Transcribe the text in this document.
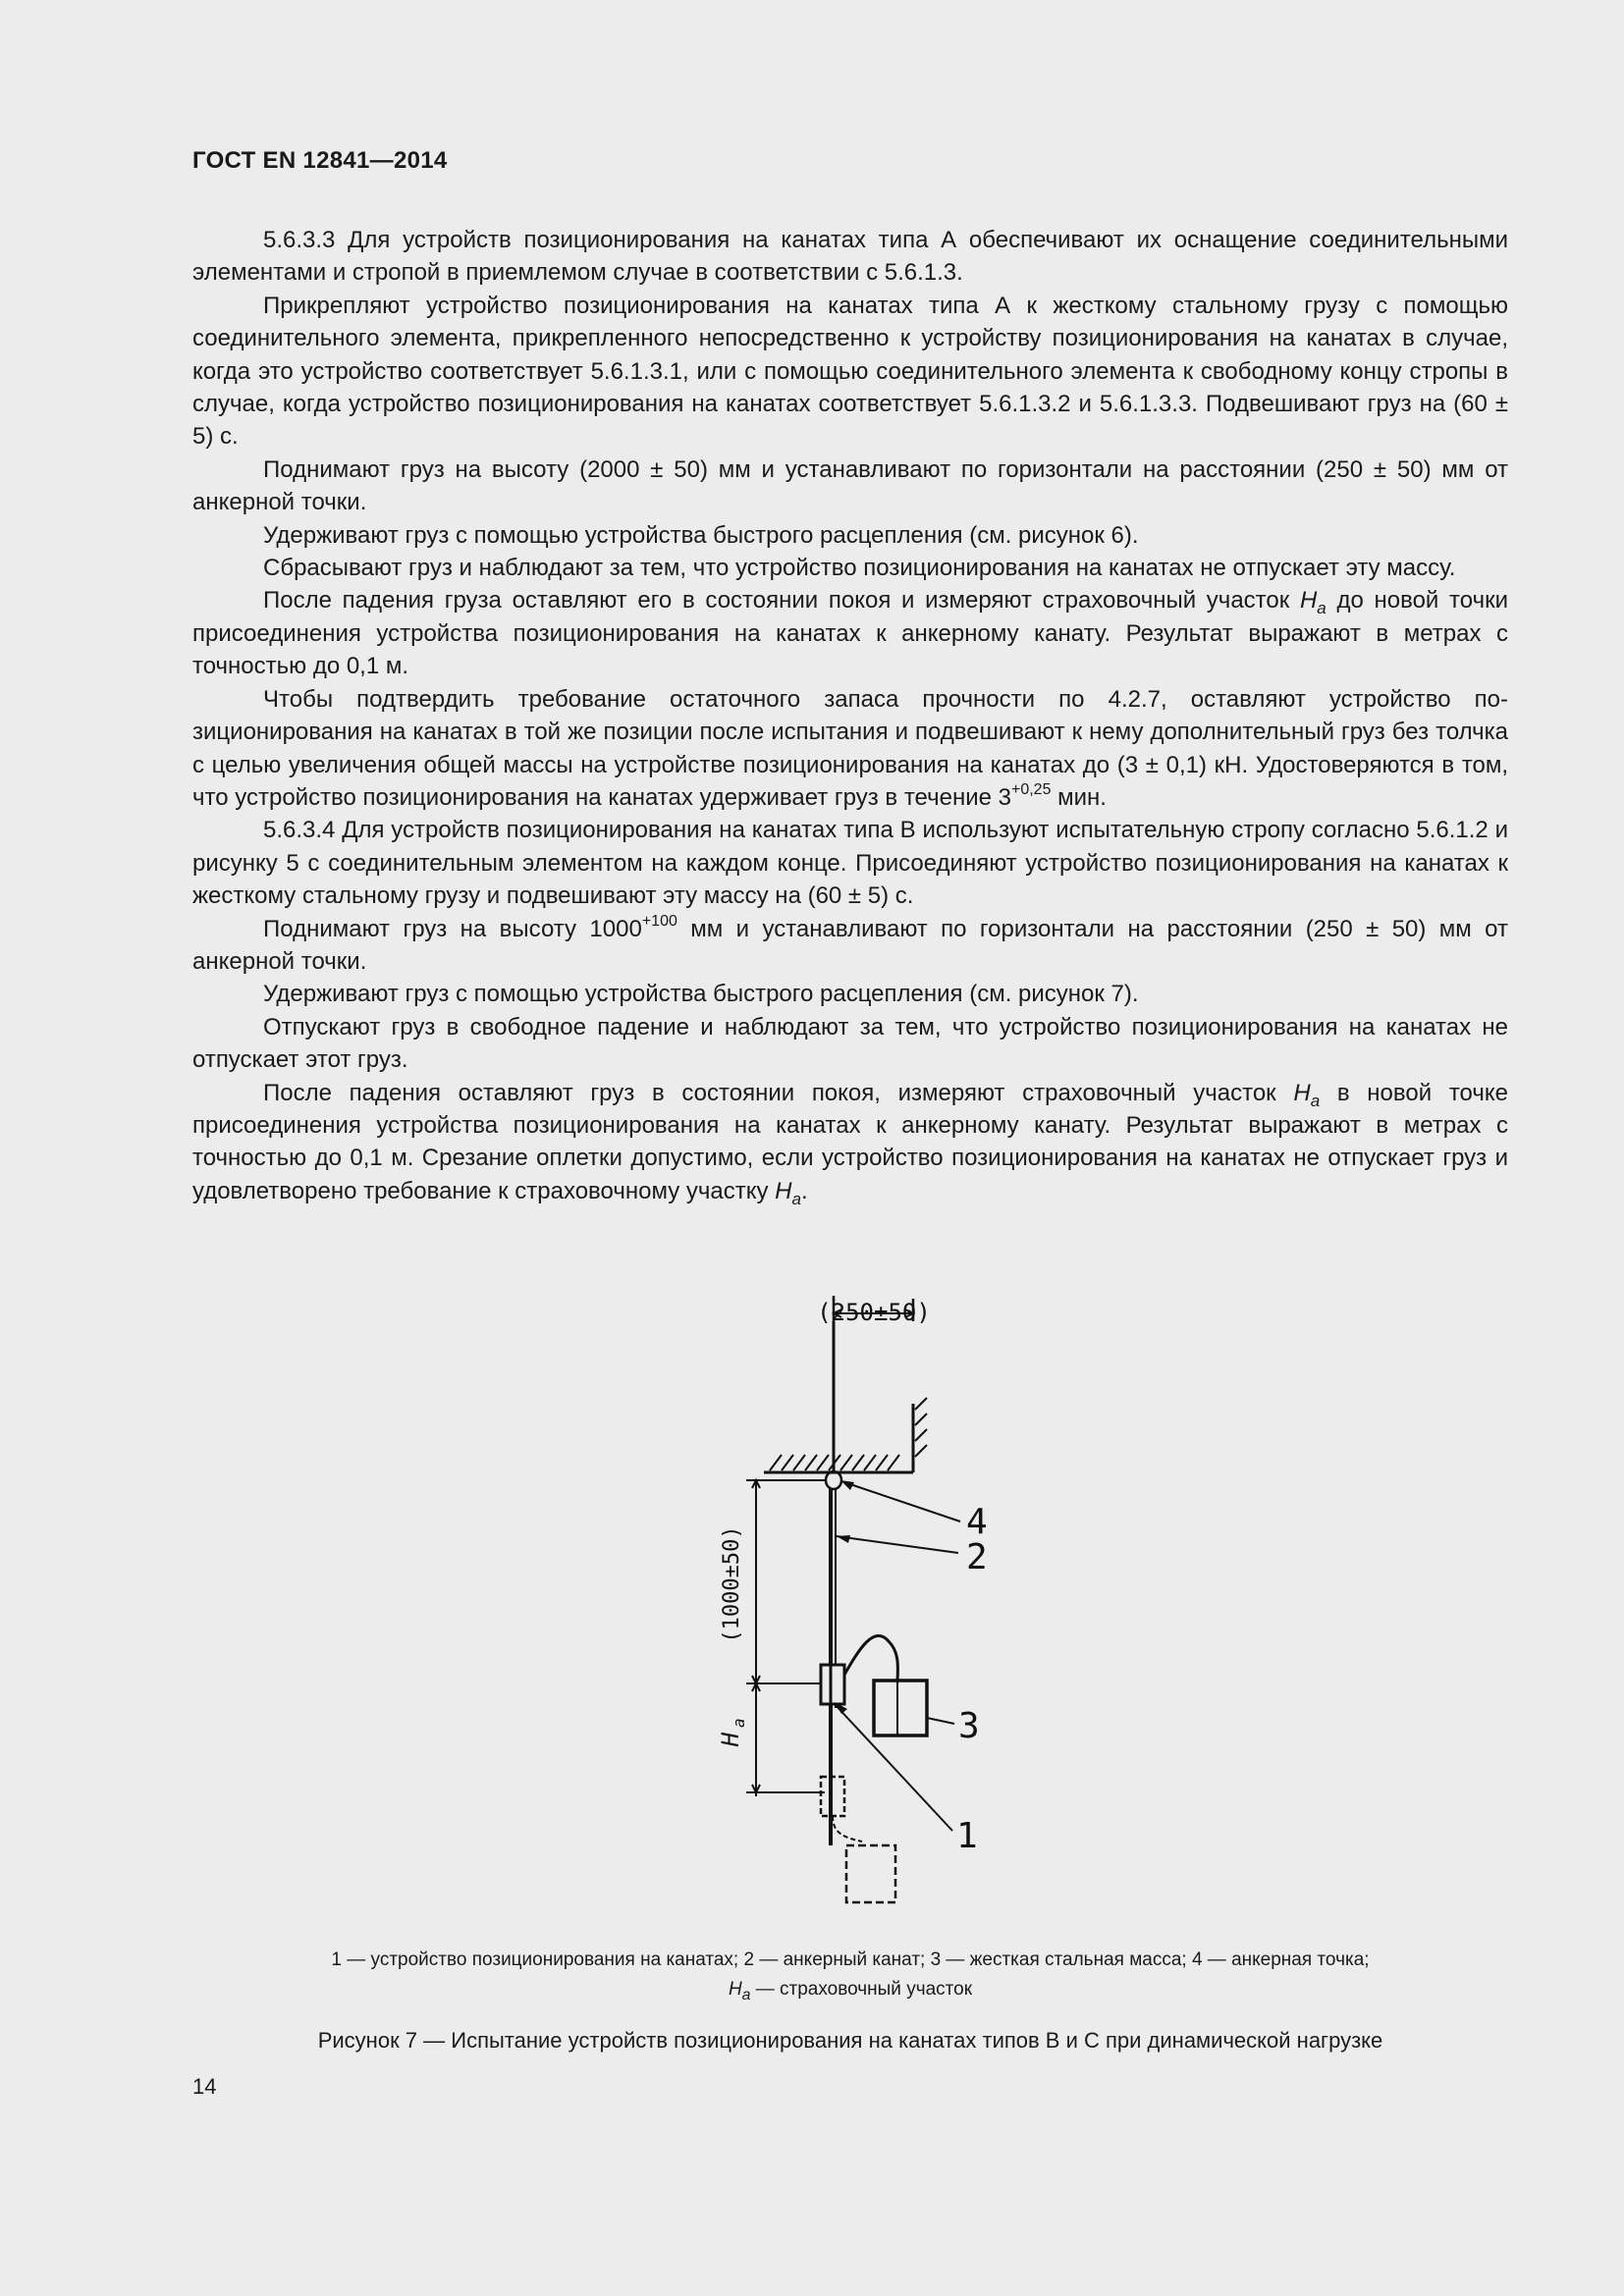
ГОСТ EN 12841—2014

5.6.3.3 Для устройств позиционирования на канатах типа А обеспечивают их оснащение соединительными элементами и стропой в приемлемом случае в соответствии с 5.6.1.3.

Прикрепляют устройство позиционирования на канатах типа А к жесткому стальному грузу с помощью соединительного элемента, прикрепленного непосредственно к устройству позиционирования на канатах в случае, когда это устройство соответствует 5.6.1.3.1, или с помощью соединительного элемента к свободному концу стропы в случае, когда устройство позиционирования на канатах соответствует 5.6.1.3.2 и 5.6.1.3.3. Подвешивают груз на (60 ± 5) с.

Поднимают груз на высоту (2000 ± 50) мм и устанавливают по горизонтали на расстоянии (250 ± 50) мм от анкерной точки.

Удерживают груз с помощью устройства быстрого расцепления (см. рисунок 6).

Сбрасывают груз и наблюдают за тем, что устройство позиционирования на канатах не отпускает эту массу.

После падения груза оставляют его в состоянии покоя и измеряют страховочный участок $H_a$ до новой точки присоединения устройства позиционирования на канатах к анкерному канату. Результат выражают в метрах с точностью до 0,1 м.

Чтобы подтвердить требование остаточного запаса прочности по 4.2.7, оставляют устройство позиционирования на канатах в той же позиции после испытания и подвешивают к нему дополнительный груз без толчка с целью увеличения общей массы на устройстве позиционирования на канатах до (3 ± 0,1) кН. Удостоверяются в том, что устройство позиционирования на канатах удерживает груз в течение $3^{+0,25}$ мин.

5.6.3.4 Для устройств позиционирования на канатах типа В используют испытательную стропу согласно 5.6.1.2 и рисунку 5 с соединительным элементом на каждом конце. Присоединяют устройство позиционирования на канатах к жесткому стальному грузу и подвешивают эту массу на (60 ± 5) с.

Поднимают груз на высоту $1000^{+100}$ мм и устанавливают по горизонтали на расстоянии (250 ± 50) мм от анкерной точки.

Удерживают груз с помощью устройства быстрого расцепления (см. рисунок 7).

Отпускают груз в свободное падение и наблюдают за тем, что устройство позиционирования на канатах не отпускает этот груз.

После падения оставляют груз в состоянии покоя, измеряют страховочный участок $H_a$ в новой точке присоединения устройства позиционирования на канатах к анкерному канату. Результат выражают в метрах с точностью до 0,1 м. Срезание оплетки допустимо, если устройство позиционирования на канатах не отпускает груз и удовлетворено требование к страховочному участку $H_a$.

(250±50)
(1000±50)
H
a
4
2
3
1
1 — устройство позиционирования на канатах; 2 — анкерный канат; 3 — жесткая стальная масса; 4 — анкерная точка;
$H_a$ — страховочный участок
Рисунок 7 — Испытание устройств позиционирования на канатах типов В и С при динамической нагрузке
14
